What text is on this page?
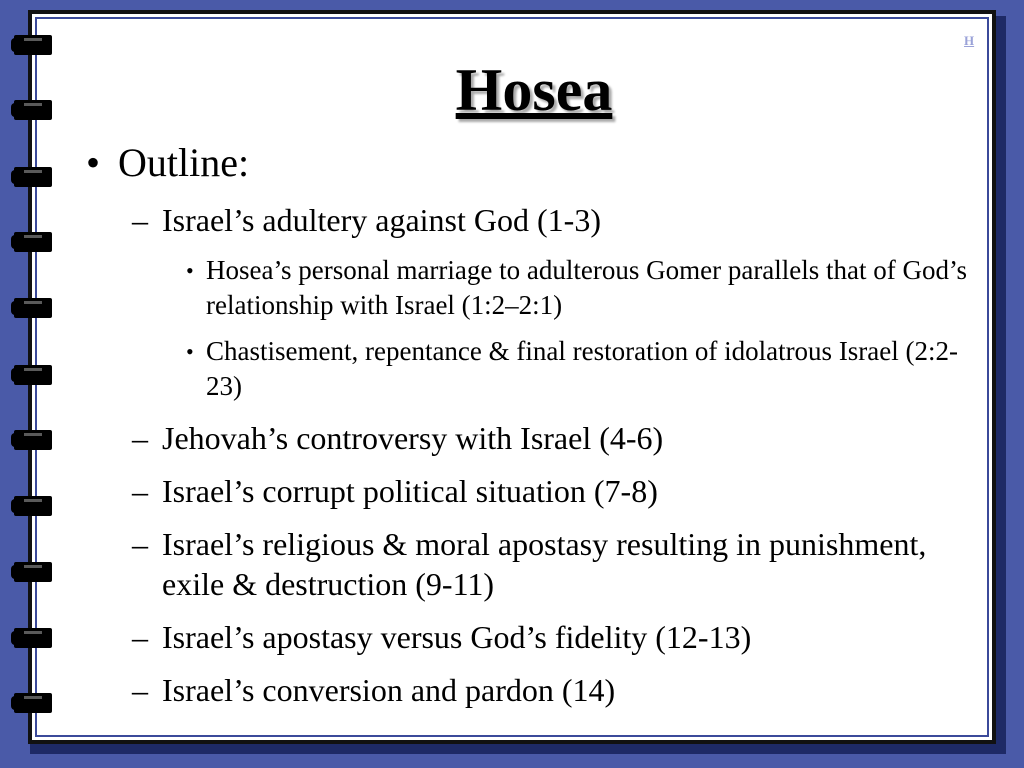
H
Hosea
• Outline:
– Israel’s adultery against God (1-3)
• Hosea’s personal marriage to adulterous Gomer parallels that of God’s relationship with Israel (1:2–2:1)
• Chastisement, repentance & final restoration of idolatrous Israel (2:2-23)
– Jehovah’s controversy with Israel (4-6)
– Israel’s corrupt political situation (7-8)
– Israel’s religious & moral apostasy resulting in punishment, exile & destruction (9-11)
– Israel’s apostasy versus God’s fidelity (12-13)
– Israel’s conversion and pardon (14)
